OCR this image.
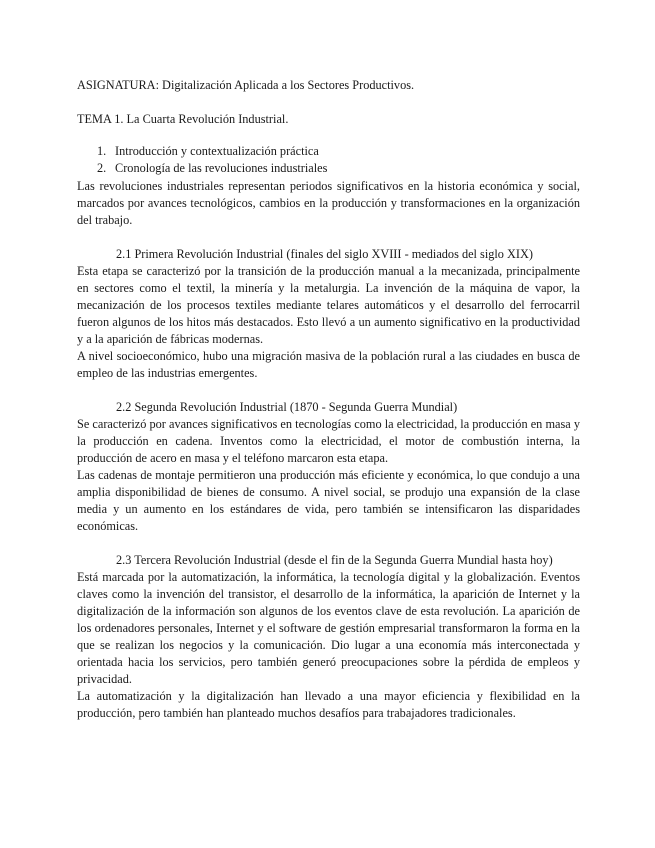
ASIGNATURA: Digitalización Aplicada a los Sectores Productivos.

TEMA 1. La Cuarta Revolución Industrial.

1. Introducción y contextualización práctica
2. Cronología de las revoluciones industriales

Las revoluciones industriales representan periodos significativos en la historia económica y social, marcados por avances tecnológicos, cambios en la producción y transformaciones en la organización del trabajo.

2.1 Primera Revolución Industrial (finales del siglo XVIII - mediados del siglo XIX)

Esta etapa se caracterizó por la transición de la producción manual a la mecanizada, principalmente en sectores como el textil, la minería y la metalurgia. La invención de la máquina de vapor, la mecanización de los procesos textiles mediante telares automáticos y el desarrollo del ferrocarril fueron algunos de los hitos más destacados. Esto llevó a un aumento significativo en la productividad y a la aparición de fábricas modernas.

A nivel socioeconómico, hubo una migración masiva de la población rural a las ciudades en busca de empleo de las industrias emergentes.

2.2 Segunda Revolución Industrial (1870 - Segunda Guerra Mundial)

Se caracterizó por avances significativos en tecnologías como la electricidad, la producción en masa y la producción en cadena. Inventos como la electricidad, el motor de combustión interna, la producción de acero en masa y el teléfono marcaron esta etapa.

Las cadenas de montaje permitieron una producción más eficiente y económica, lo que condujo a una amplia disponibilidad de bienes de consumo. A nivel social, se produjo una expansión de la clase media y un aumento en los estándares de vida, pero también se intensificaron las disparidades económicas.

2.3 Tercera Revolución Industrial (desde el fin de la Segunda Guerra Mundial hasta hoy)

Está marcada por la automatización, la informática, la tecnología digital y la globalización. Eventos claves como la invención del transistor, el desarrollo de la informática, la aparición de Internet y la digitalización de la información son algunos de los eventos clave de esta revolución. La aparición de los ordenadores personales, Internet y el software de gestión empresarial transformaron la forma en la que se realizan los negocios y la comunicación. Dio lugar a una economía más interconectada y orientada hacia los servicios, pero también generó preocupaciones sobre la pérdida de empleos y privacidad.

La automatización y la digitalización han llevado a una mayor eficiencia y flexibilidad en la producción, pero también han planteado muchos desafíos para trabajadores tradicionales.
